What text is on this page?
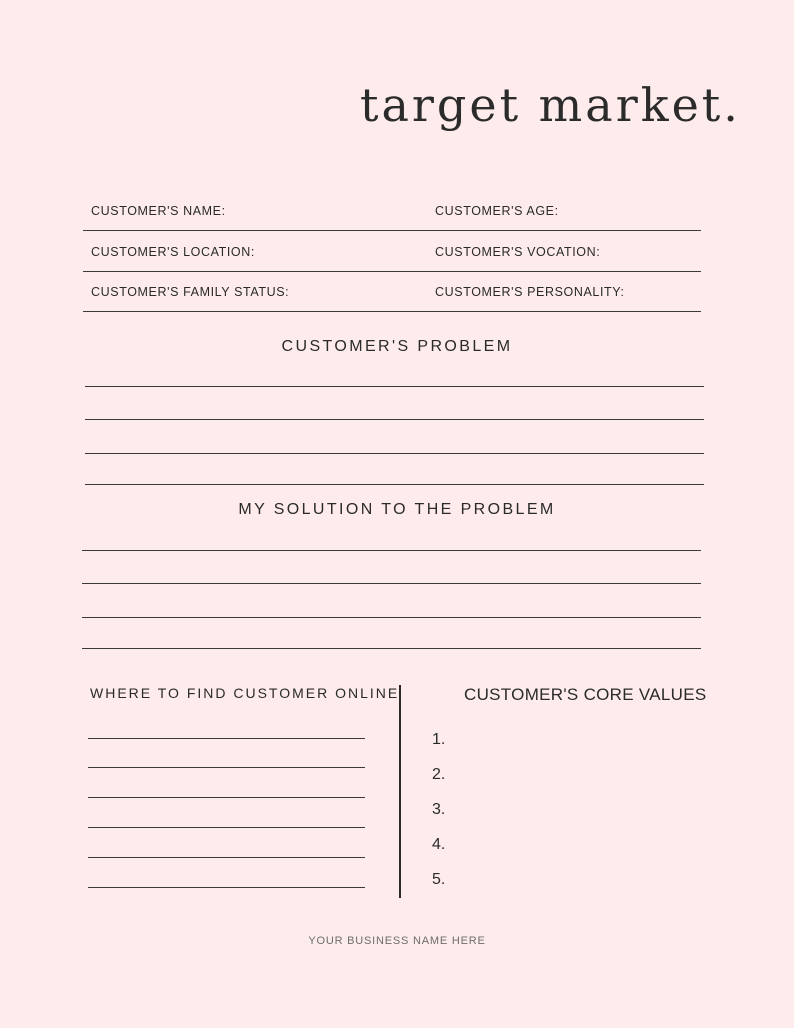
target market.
CUSTOMER'S NAME:	CUSTOMER'S AGE:
CUSTOMER'S LOCATION:	CUSTOMER'S VOCATION:
CUSTOMER'S FAMILY STATUS:	CUSTOMER'S PERSONALITY:
CUSTOMER'S PROBLEM
MY SOLUTION TO THE PROBLEM
WHERE TO FIND CUSTOMER ONLINE	CUSTOMER'S CORE VALUES
1.
2.
3.
4.
5.
YOUR BUSINESS NAME HERE
